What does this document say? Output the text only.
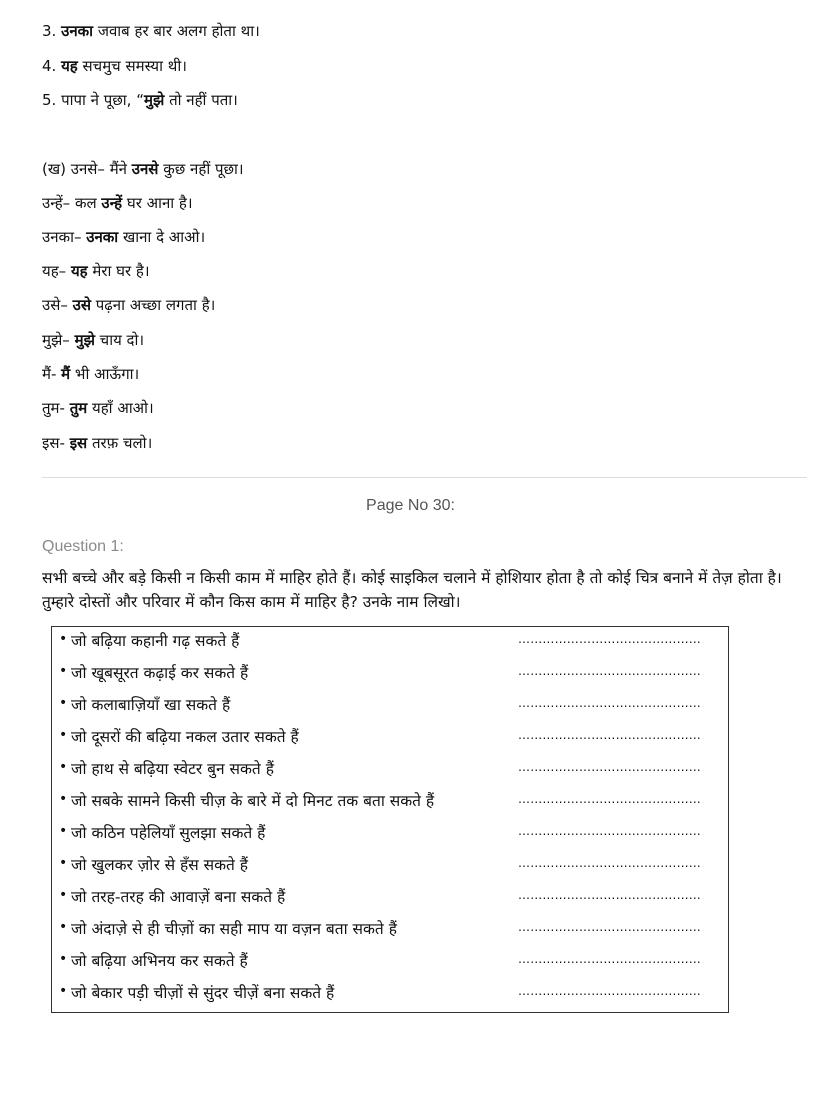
3. उनका जवाब हर बार अलग होता था।
4. यह सचमुच समस्या थी।
5. पापा ने पूछा, “मुझे तो नहीं पता।
(ख) उनसे– मैंने उनसे कुछ नहीं पूछा।
उन्हें– कल उन्हें घर आना है।
उनका– उनका खाना दे आओ।
यह– यह मेरा घर है।
उसे– उसे पढ़ना अच्छा लगता है।
मुझे– मुझे चाय दो।
मैं- मैं भी आऊँगा।
तुम- तुम यहाँ आओ।
इस- इस तरफ़ चलो।
Page No 30:
Question 1:
सभी बच्चे और बड़े किसी न किसी काम में माहिर होते हैं। कोई साइकिल चलाने में होशियार होता है तो कोई चित्र बनाने में तेज़ होता है। तुम्हारे दोस्तों और परिवार में कौन किस काम में माहिर है? उनके नाम लिखो।
• जो बढ़िया कहानी गढ़ सकते हैं	………………………………………
• जो खूबसूरत कढ़ाई कर सकते हैं	………………………………………
• जो कलाबाज़ियाँ खा सकते हैं	………………………………………
• जो दूसरों की बढ़िया नकल उतार सकते हैं	………………………………………
• जो हाथ से बढ़िया स्वेटर बुन सकते हैं	………………………………………
• जो सबके सामने किसी चीज़ के बारे में दो मिनट तक बता सकते हैं	………………………………………
• जो कठिन पहेलियाँ सुलझा सकते हैं	………………………………………
• जो खुलकर ज़ोर से हँस सकते हैं	………………………………………
• जो तरह-तरह की आवाज़ें बना सकते हैं	………………………………………
• जो अंदाज़े से ही चीज़ों का सही माप या वज़न बता सकते हैं	………………………………………
• जो बढ़िया अभिनय कर सकते हैं	………………………………………
• जो बेकार पड़ी चीज़ों से सुंदर चीज़ें बना सकते हैं	………………………………………
